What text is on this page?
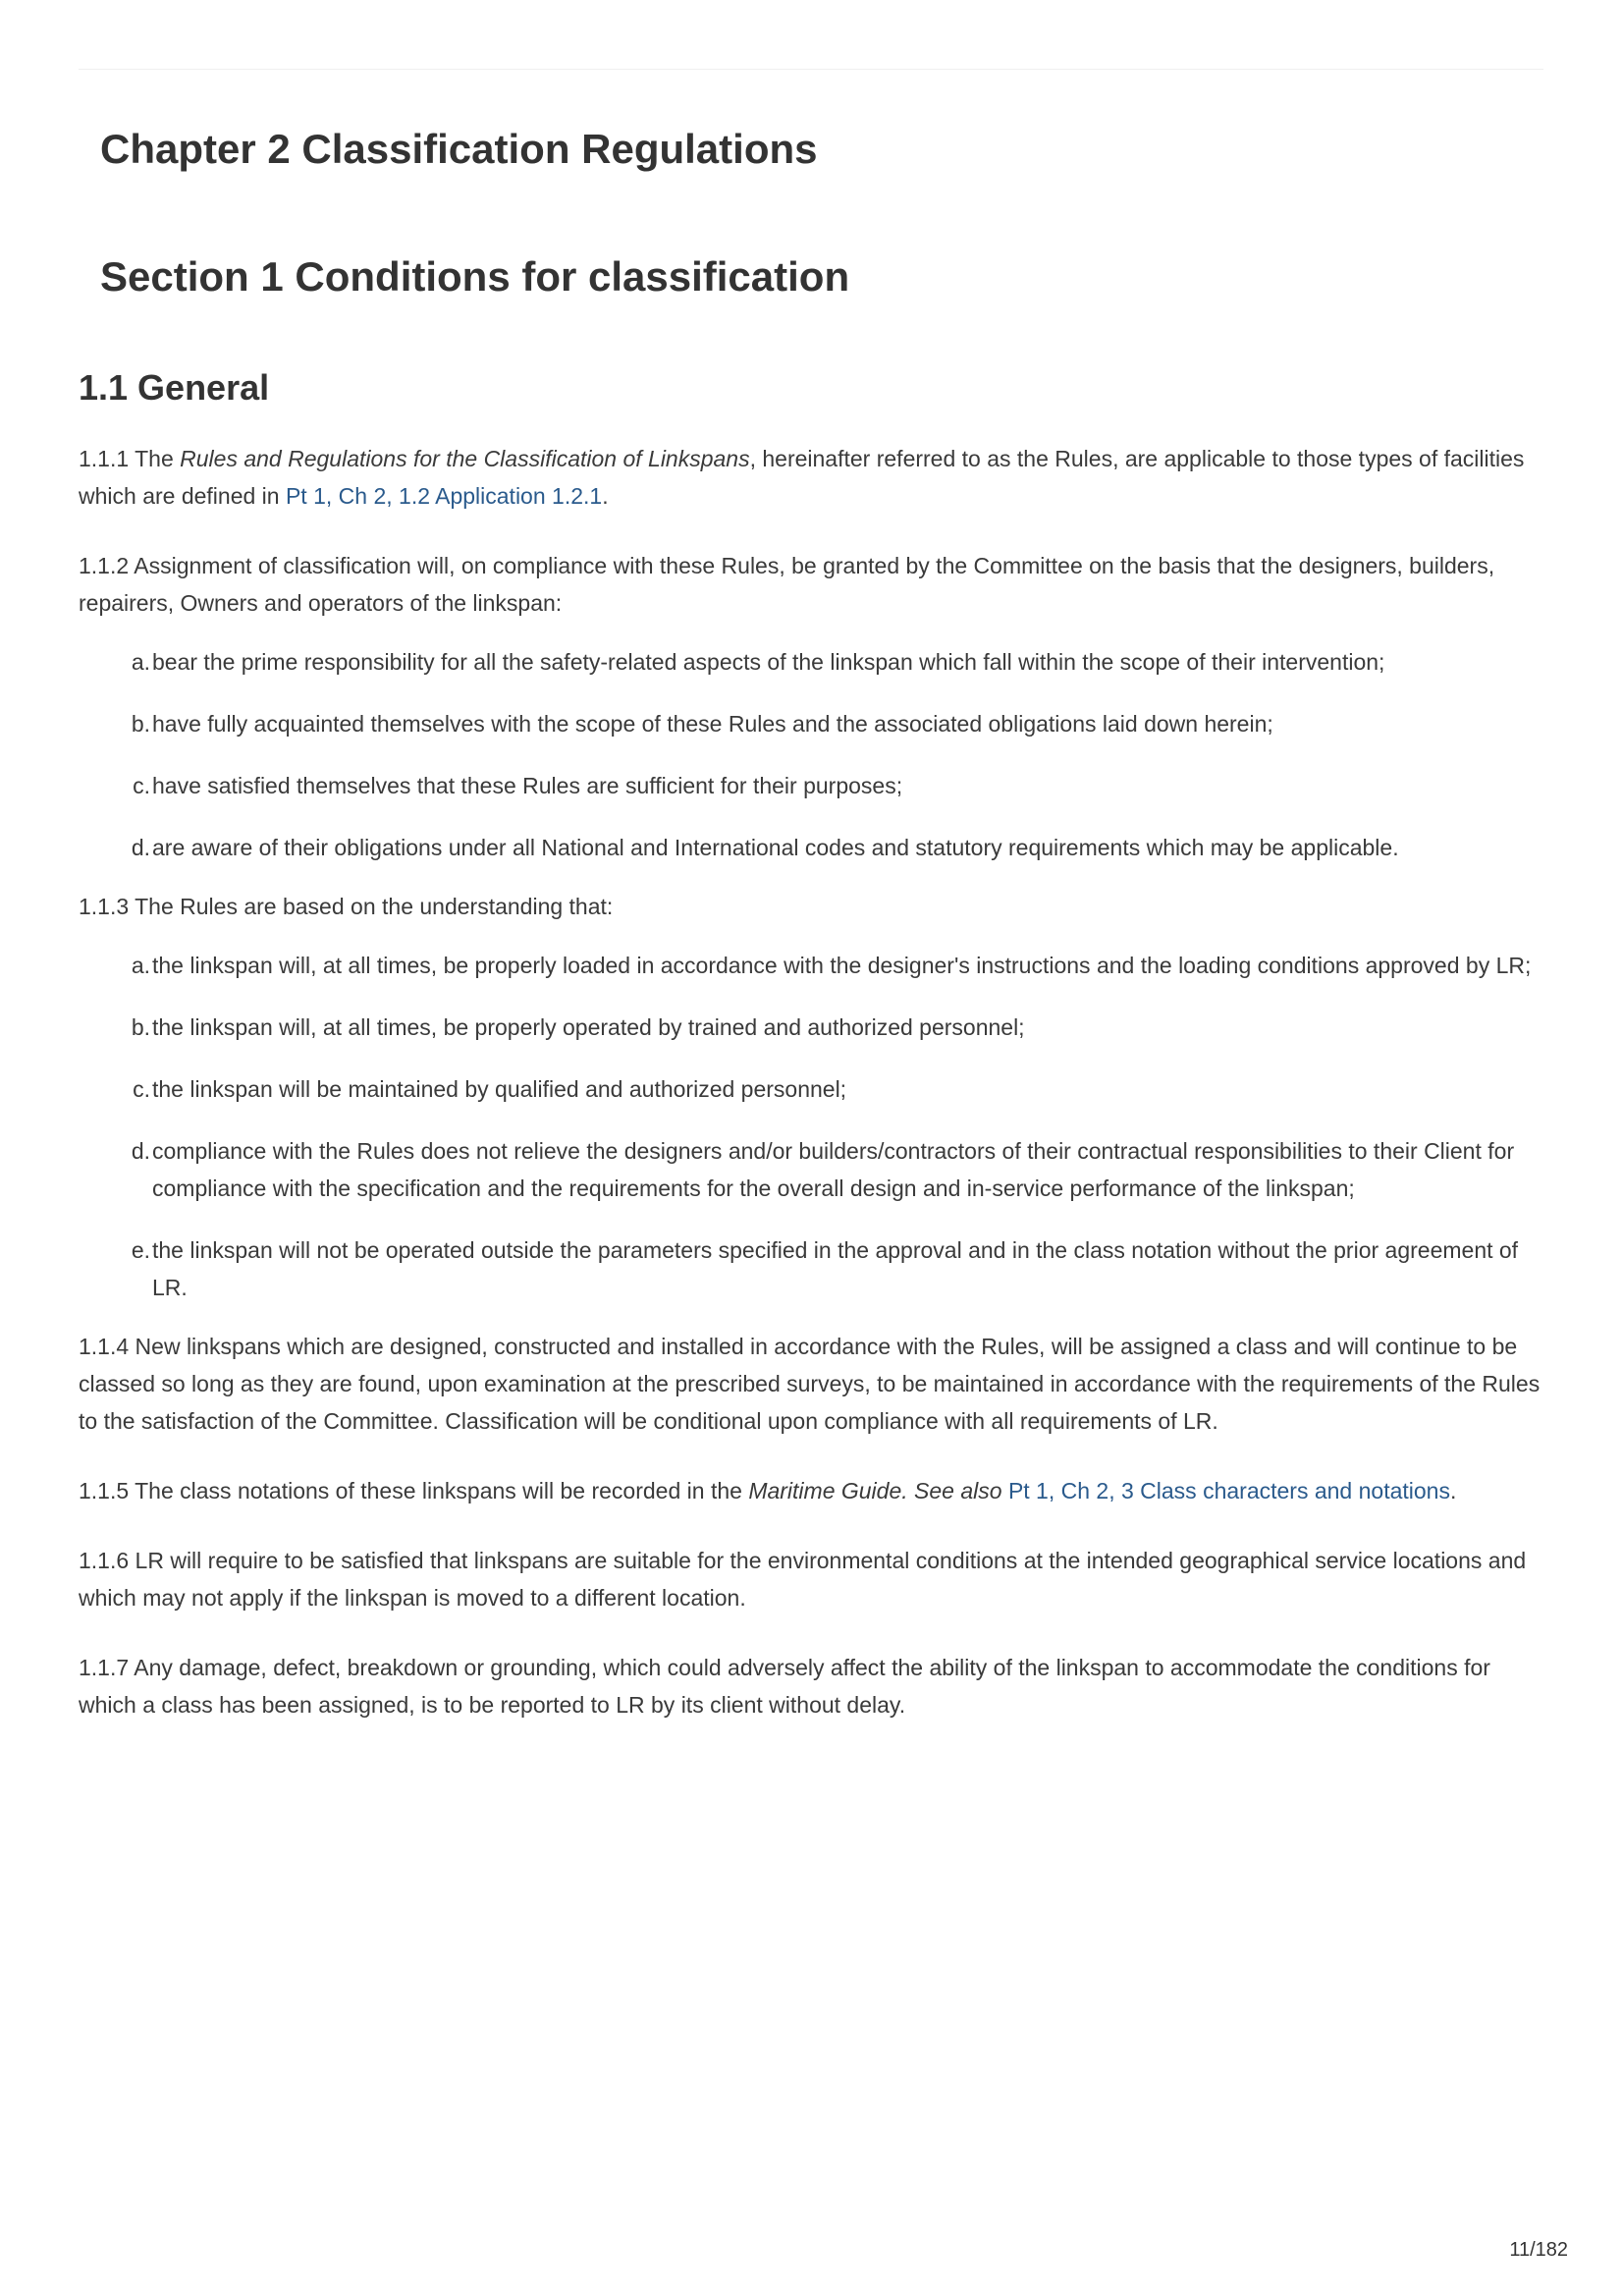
Chapter 2 Classification Regulations
Section 1 Conditions for classification
1.1 General

1.1.1 The Rules and Regulations for the Classification of Linkspans, hereinafter referred to as the Rules, are applicable to those types of facilities which are defined in Pt 1, Ch 2, 1.2 Application 1.2.1.

1.1.2 Assignment of classification will, on compliance with these Rules, be granted by the Committee on the basis that the designers, builders, repairers, Owners and operators of the linkspan:

a . bear the prime responsibility for all the safety-related aspects of the linkspan which fall within the scope of their intervention;
b . have fully acquainted themselves with the scope of these Rules and the associated obligations laid down herein;
c . have satisfied themselves that these Rules are sufficient for their purposes;
d . are aware of their obligations under all National and International codes and statutory requirements which may be applicable.

1.1.3 The Rules are based on the understanding that:

a . the linkspan will, at all times, be properly loaded in accordance with the designer's instructions and the loading conditions approved by LR;
b . the linkspan will, at all times, be properly operated by trained and authorized personnel;
c . the linkspan will be maintained by qualified and authorized personnel;
d . compliance with the Rules does not relieve the designers and/or builders/contractors of their contractual responsibilities to their Client for compliance with the specification and the requirements for the overall design and in-service performance of the linkspan;
e . the linkspan will not be operated outside the parameters specified in the approval and in the class notation without the prior agreement of LR.

1.1.4 New linkspans which are designed, constructed and installed in accordance with the Rules, will be assigned a class and will continue to be classed so long as they are found, upon examination at the prescribed surveys, to be maintained in accordance with the requirements of the Rules to the satisfaction of the Committee. Classification will be conditional upon compliance with all requirements of LR.

1.1.5 The class notations of these linkspans will be recorded in the Maritime Guide. See also Pt 1, Ch 2, 3 Class characters and notations.

1.1.6 LR will require to be satisfied that linkspans are suitable for the environmental conditions at the intended geographical service locations and which may not apply if the linkspan is moved to a different location.

1.1.7 Any damage, defect, breakdown or grounding, which could adversely affect the ability of the linkspan to accommodate the conditions for which a class has been assigned, is to be reported to LR by its client without delay.

11/182
